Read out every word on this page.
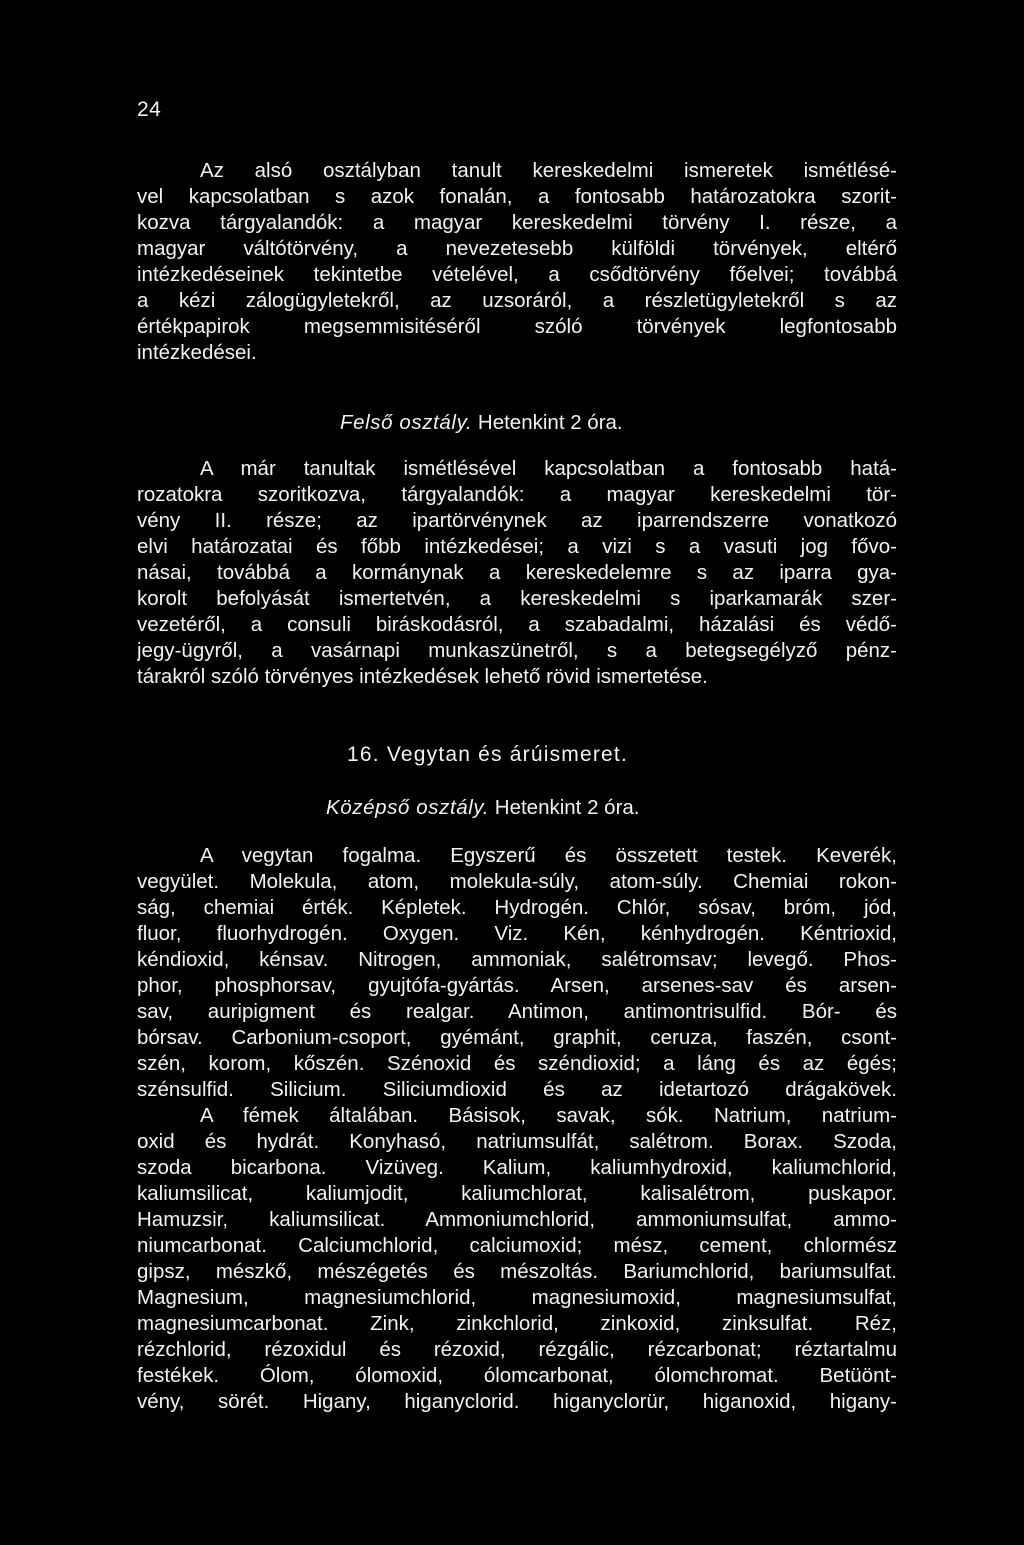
24
Az alsó osztályban tanult kereskedelmi ismeretek ismétlésé-
vel kapcsolatban s azok fonalán, a fontosabb határozatokra szorit-
kozva tárgyalandók: a magyar kereskedelmi törvény I. része, a
magyar váltótörvény, a nevezetesebb külföldi törvények, eltérő
intézkedéseinek tekintetbe vételével, a csődtörvény főelvei; továbbá
a kézi zálogügyletekről, az uzsoráról, a részletügyletekről s az
értékpapirok megsemmisitéséről szóló törvények legfontosabb
intézkedései.
Felső osztály. Hetenkint 2 óra.
A már tanultak ismétlésével kapcsolatban a fontosabb hatá-
rozatokra szoritkozva, tárgyalandók: a magyar kereskedelmi tör-
vény II. része; az ipartörvénynek az iparrendszerre vonatkozó
elvi határozatai és főbb intézkedései; a vizi s a vasuti jog fővo-
násai, továbbá a kormánynak a kereskedelemre s az iparra gya-
korolt befolyását ismertetvén, a kereskedelmi s iparkamarák szer-
vezetéről, a consuli biráskodásról, a szabadalmi, házalási és védő-
jegy-ügyről, a vasárnapi munkaszünetről, s a betegsegélyző pénz-
tárakról szóló törvényes intézkedések lehető rövid ismertetése.
16. Vegytan és árúismeret.
Középső osztály. Hetenkint 2 óra.
A vegytan fogalma. Egyszerű és összetett testek. Keverék,
vegyület. Molekula, atom, molekula-súly, atom-súly. Chemiai rokon-
ság, chemiai érték. Képletek. Hydrogén. Chlór, sósav, bróm, jód,
fluor, fluorhydrogén. Oxygen. Viz. Kén, kénhydrogén. Kéntrioxid,
kéndioxid, kénsav. Nitrogen, ammoniak, salétromsav; levegő. Phos-
phor, phosphorsav, gyujtófa-gyártás. Arsen, arsenes-sav és arsen-
sav, auripigment és realgar. Antimon, antimontrisulfid. Bór- és
bórsav. Carbonium-csoport, gyémánt, graphit, ceruza, faszén, csont-
szén, korom, kőszén. Szénoxid és széndioxid; a láng és az égés;
szénsulfid. Silicium. Siliciumdioxid és az idetartozó drágakövek.
A fémek általában. Básisok, savak, sók. Natrium, natrium-
oxid és hydrát. Konyhasó, natriumsulfát, salétrom. Borax. Szoda,
szoda bicarbona. Vizüveg. Kalium, kaliumhydroxid, kaliumchlorid,
kaliumsilicat, kaliumjodit, kaliumchlorat, kalisalétrom, puskapor.
Hamuzsir, kaliumsilicat. Ammoniumchlorid, ammoniumsulfat, ammo-
niumcarbonat. Calciumchlorid, calciumoxid; mész, cement, chlormész
gipsz, mészkő, mészégetés és mészoltás. Bariumchlorid, bariumsulfat.
Magnesium, magnesiumchlorid, magnesiumoxid, magnesiumsulfat,
magnesiumcarbonat. Zink, zinkchlorid, zinkoxid, zinksulfat. Réz,
rézchlorid, rézoxidul és rézoxid, rézgálic, rézcarbonat; réztartalmu
festékek. Ólom, ólomoxid, ólomcarbonat, ólomchromat. Betüönt-
vény, sörét. Higany, higanyclorid. higanyclorür, higanoxid, higany-
